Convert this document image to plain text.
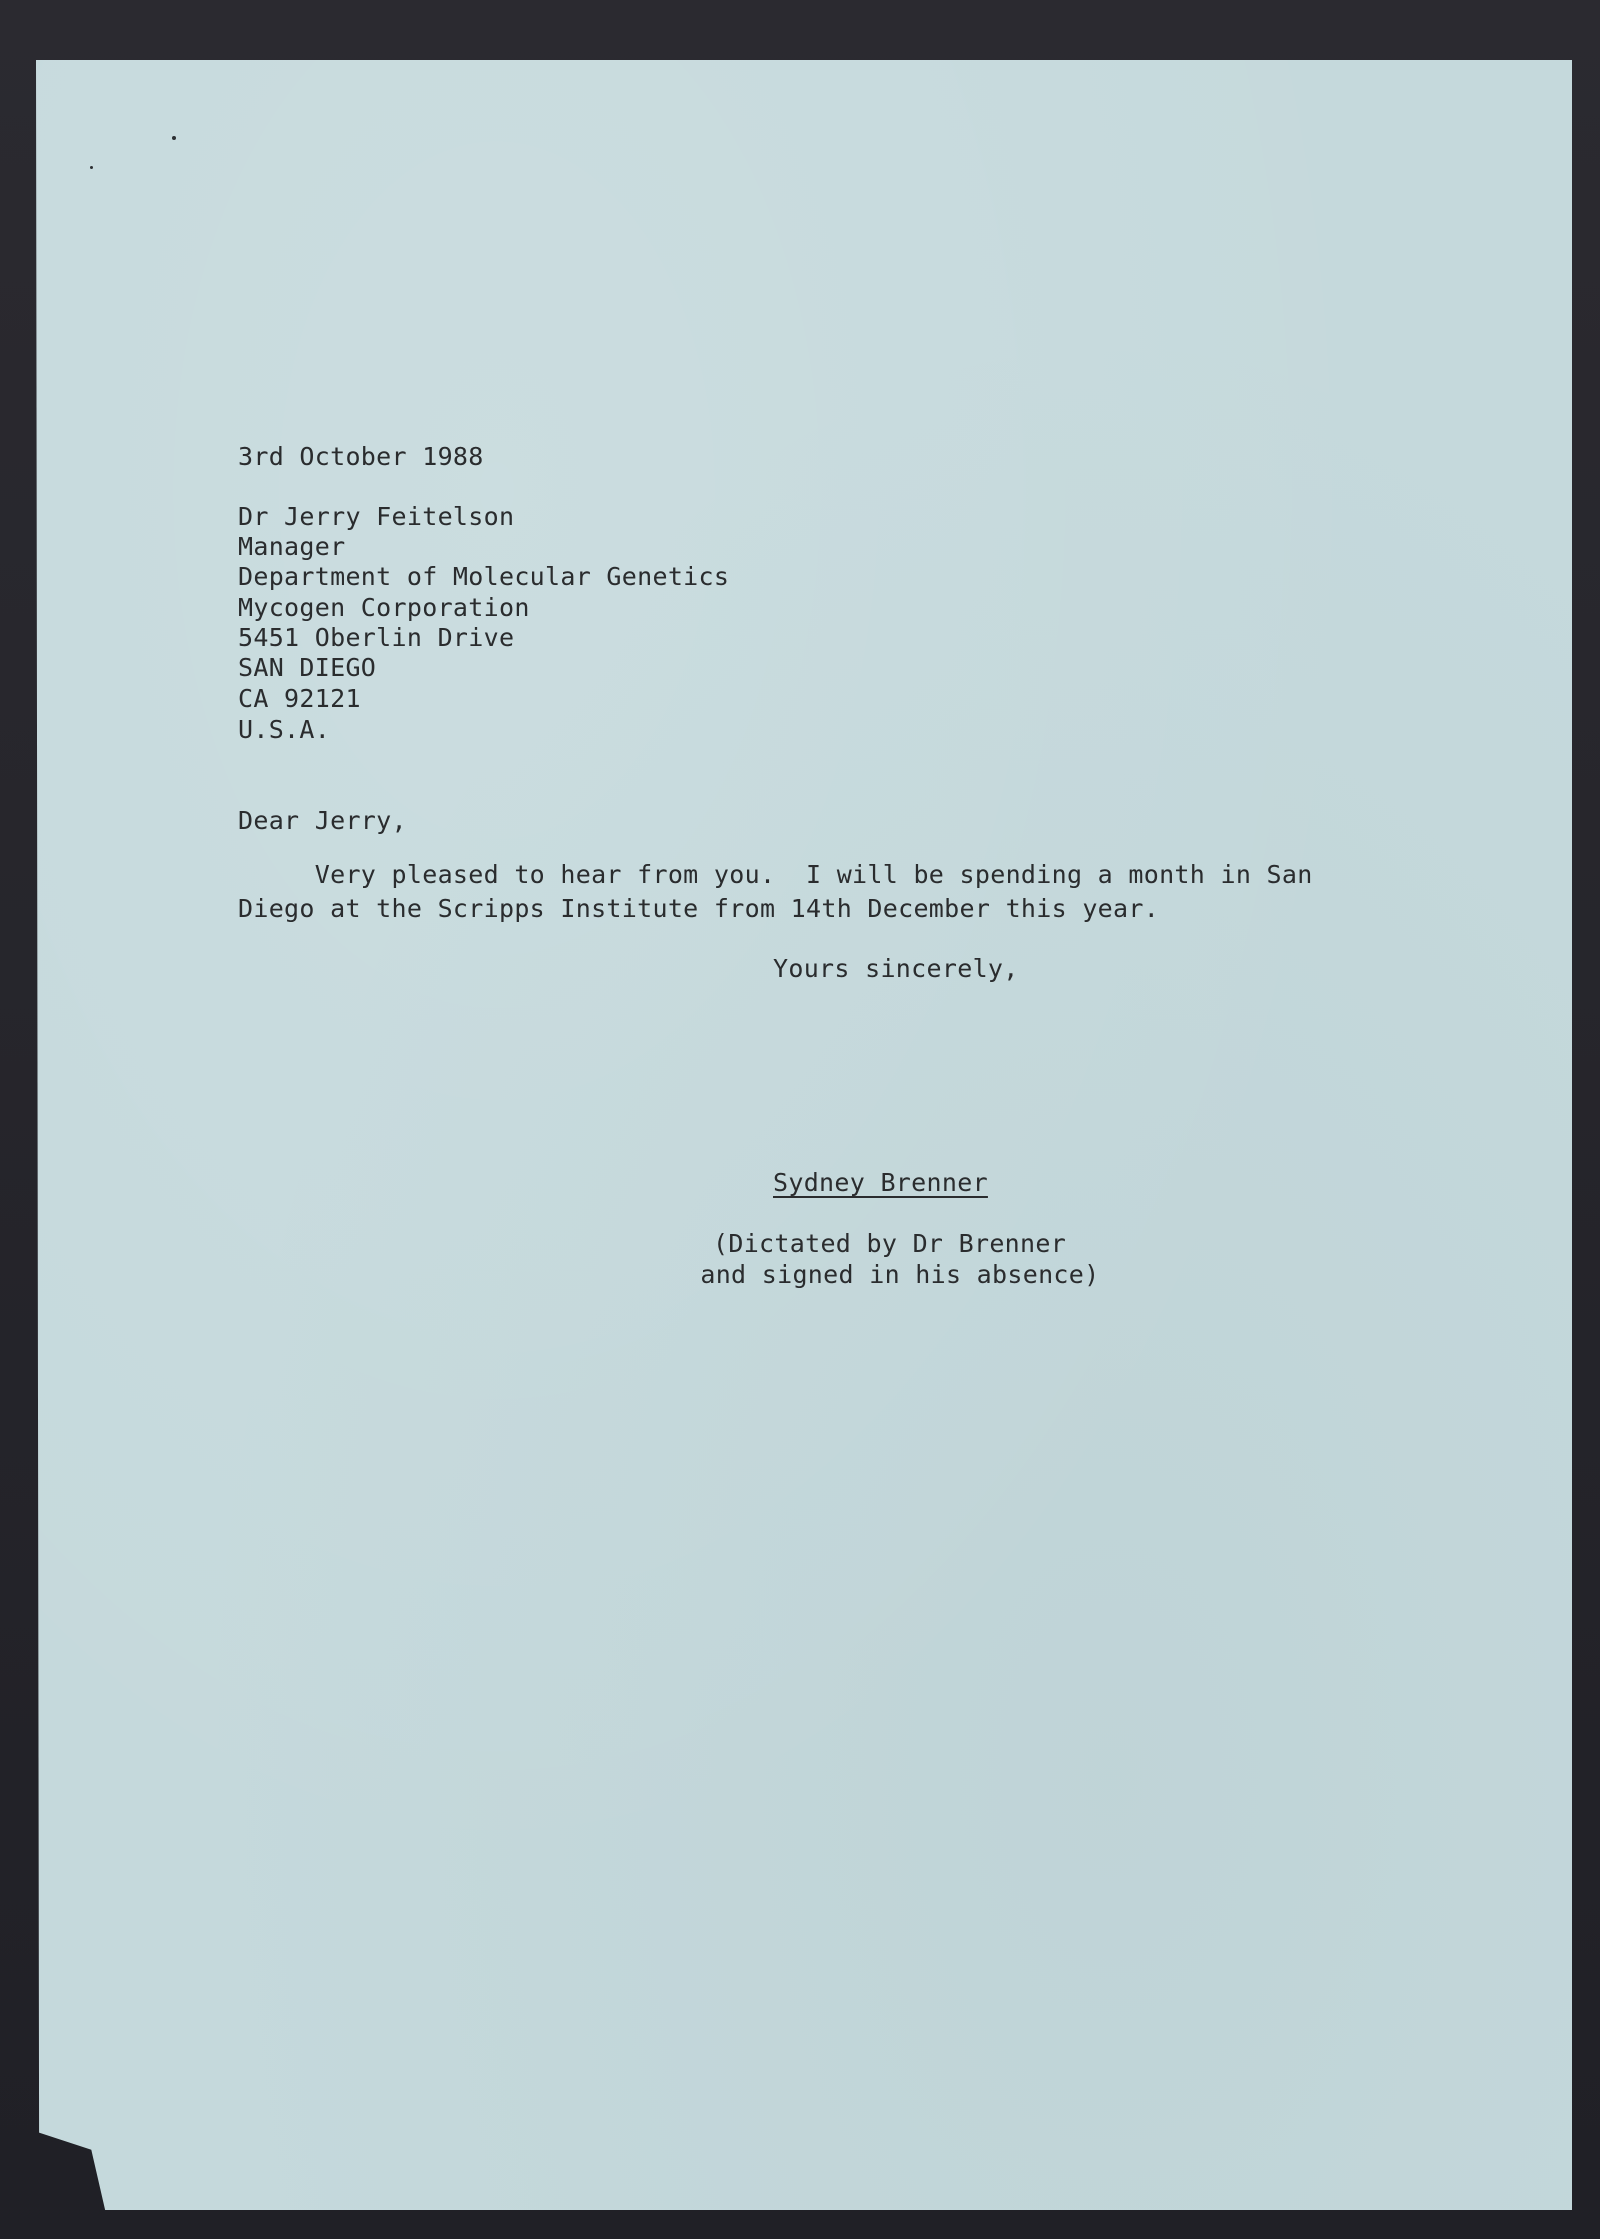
3rd October 1988
Dr Jerry Feitelson
Manager
Department of Molecular Genetics
Mycogen Corporation
5451 Oberlin Drive
SAN DIEGO
CA 92121
U.S.A.
Dear Jerry,
Very pleased to hear from you.  I will be spending a month in San
Diego at the Scripps Institute from 14th December this year.
Yours sincerely,
Sydney Brenner
(Dictated by Dr Brenner
and signed in his absence)
